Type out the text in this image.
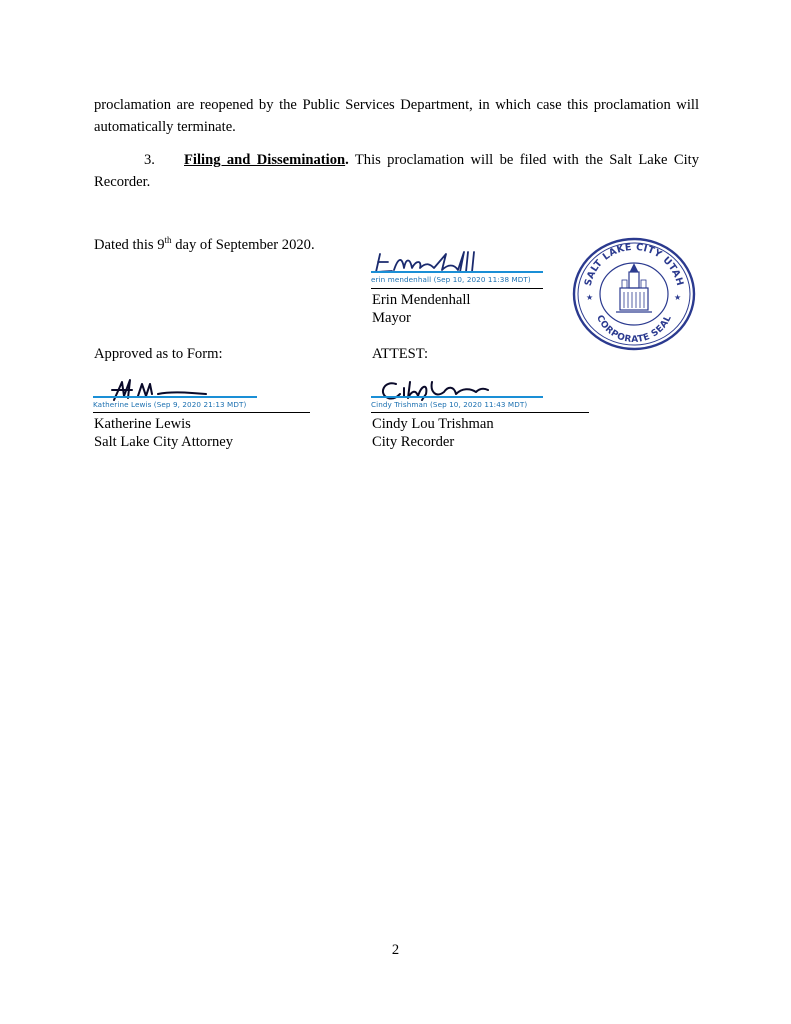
proclamation are reopened by the Public Services Department, in which case this proclamation will automatically terminate.
3. Filing and Dissemination. This proclamation will be filed with the Salt Lake City Recorder.
Dated this 9th day of September 2020.
erin mendenhall (Sep 10, 2020 11:38 MDT)
Erin Mendenhall
Mayor
SALT LAKE CITY UTAH
CORPORATE SEAL
★	★
Approved as to Form:	ATTEST:
Katherine Lewis (Sep 9, 2020 21:13 MDT)
Katherine Lewis
Salt Lake City Attorney
Cindy Trishman (Sep 10, 2020 11:43 MDT)
Cindy Lou Trishman
City Recorder
2
